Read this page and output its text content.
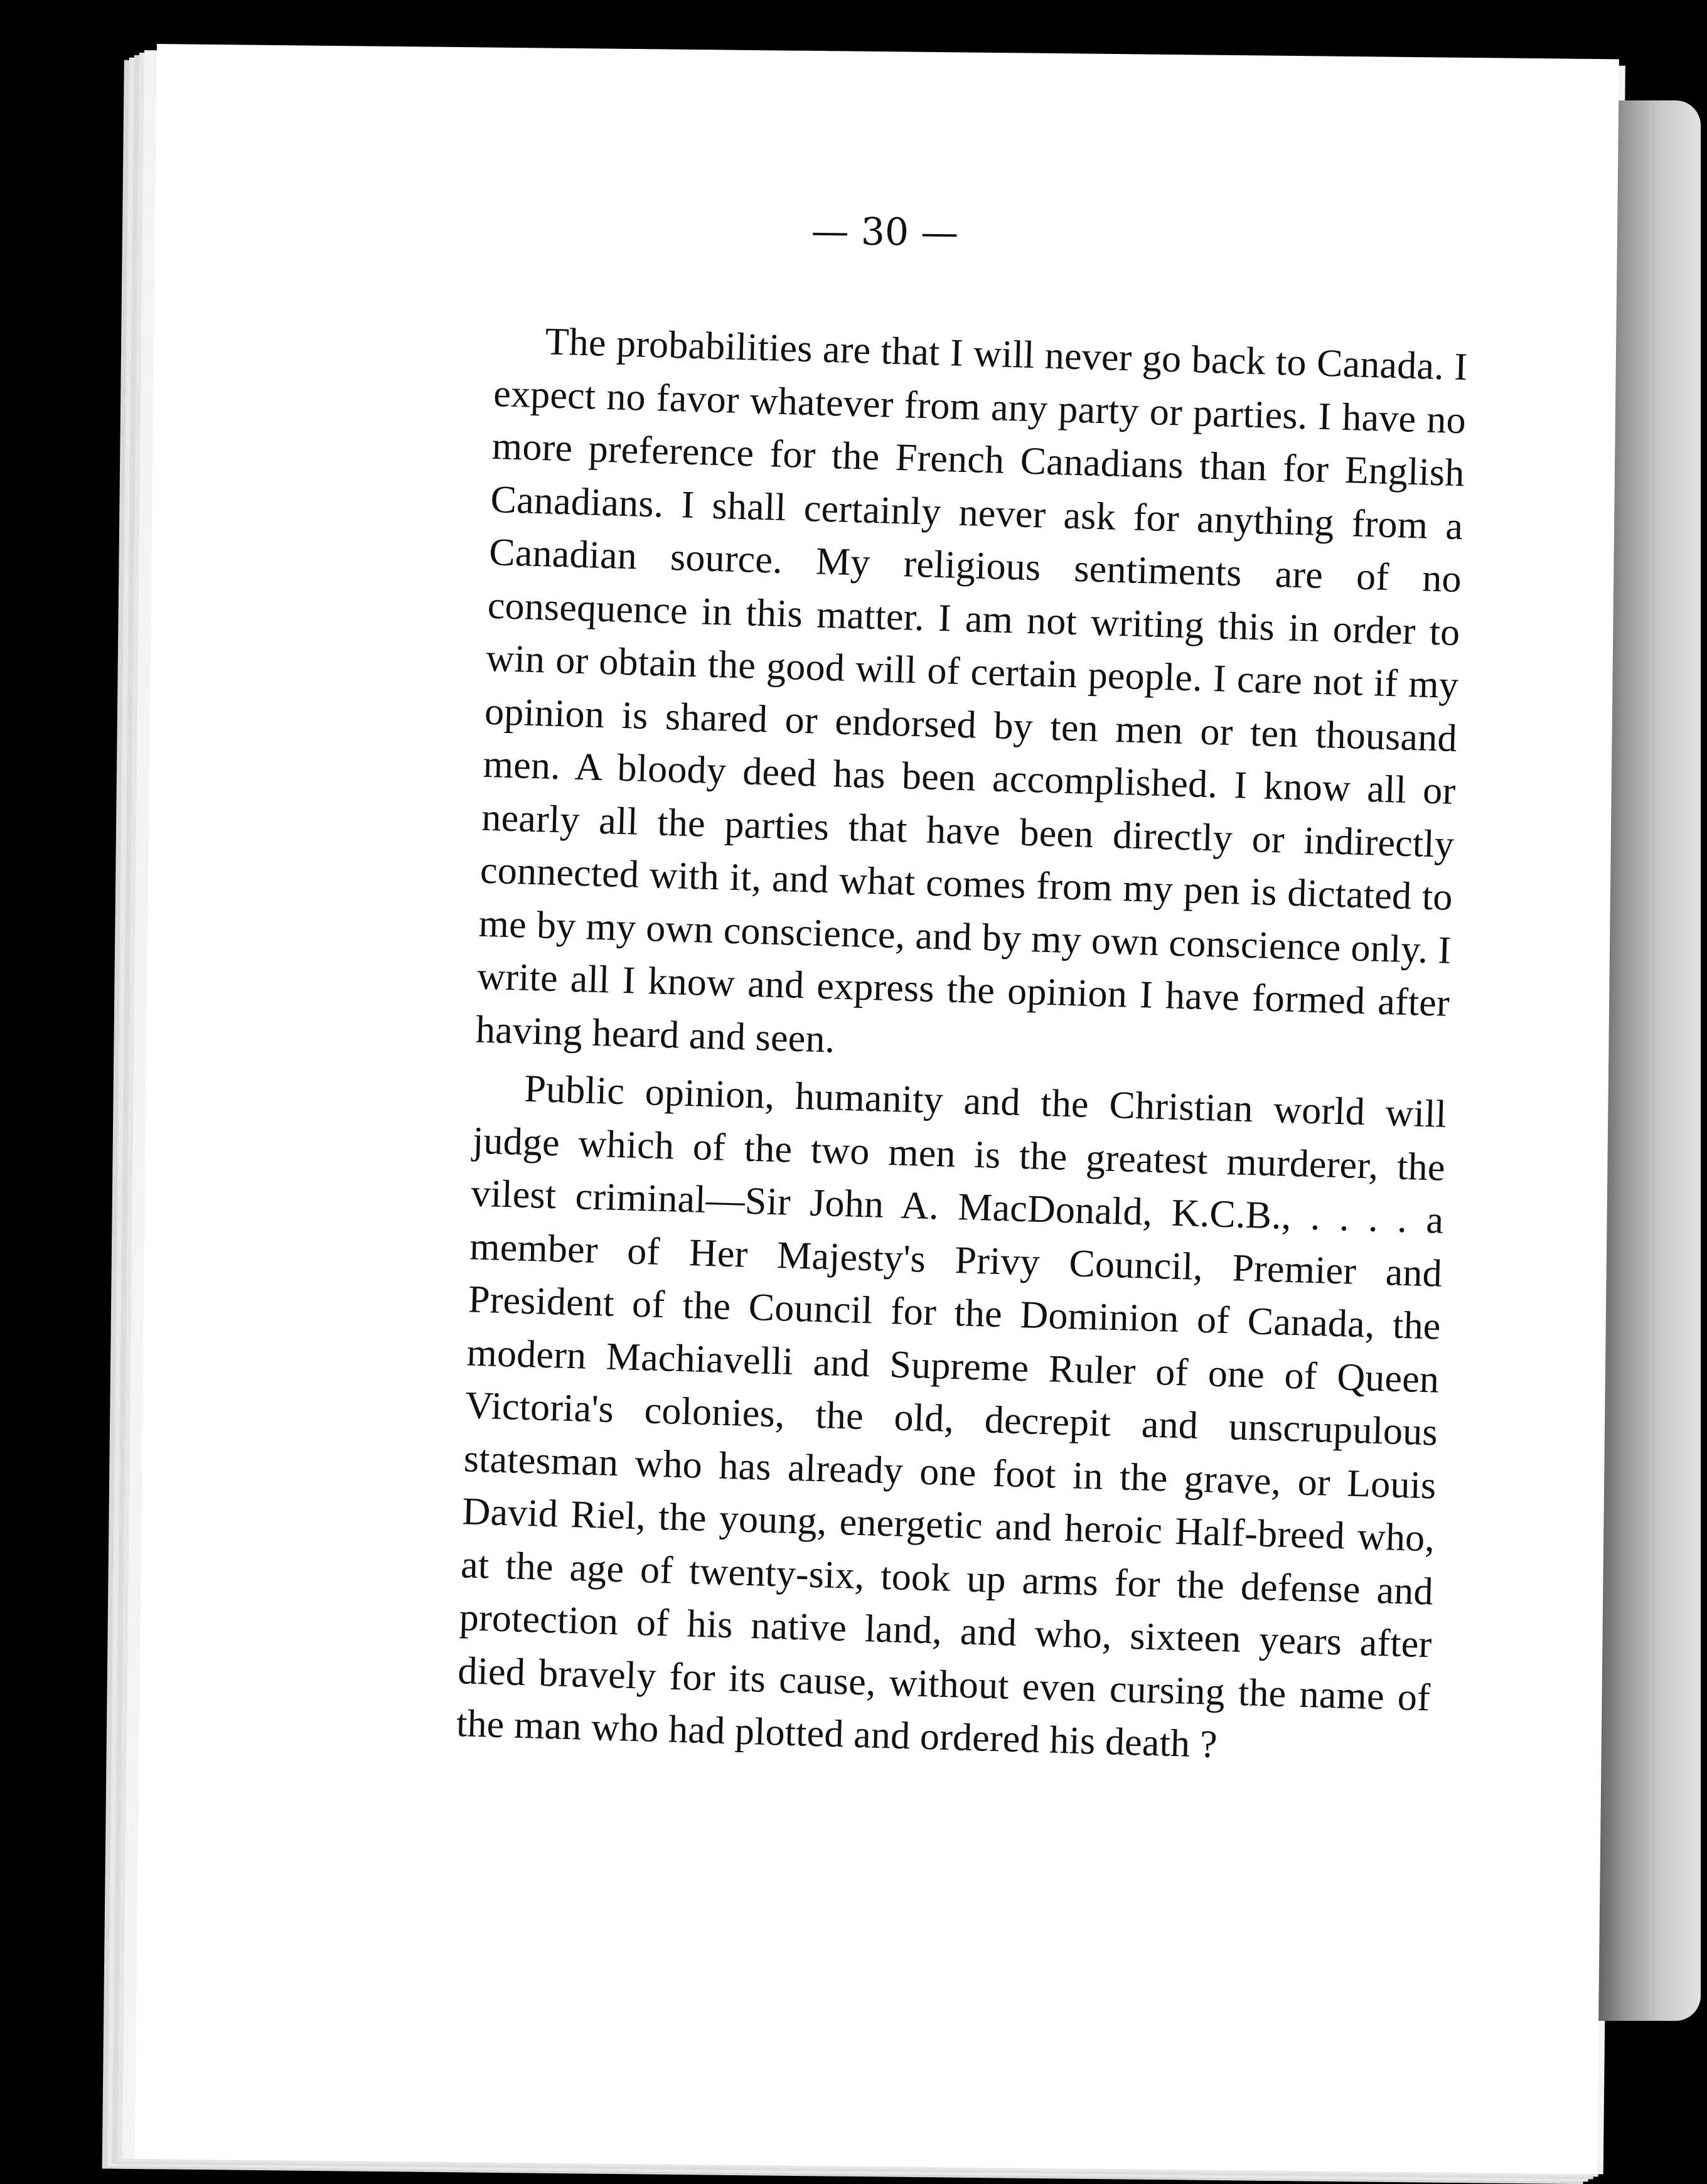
— 30 —

The probabilities are that I will never go back to Canada. I expect no favor whatever from any party or parties. I have no more preference for the French Canadians than for English Canadians. I shall certainly never ask for anything from a Canadian source. My religious sentiments are of no consequence in this matter. I am not writing this in order to win or obtain the good will of certain people. I care not if my opinion is shared or endorsed by ten men or ten thousand men. A bloody deed has been accomplished. I know all or nearly all the parties that have been directly or indirectly connected with it, and what comes from my pen is dictated to me by my own conscience, and by my own conscience only. I write all I know and express the opinion I have formed after having heard and seen.

Public opinion, humanity and the Christian world will judge which of the two men is the greatest murderer, the vilest criminal—Sir John A. MacDonald, K.C.B., . . . . a member of Her Majesty's Privy Council, Premier and President of the Council for the Dominion of Canada, the modern Machiavelli and Supreme Ruler of one of Queen Victoria's colonies, the old, decrepit and unscrupulous statesman who has already one foot in the grave, or Louis David Riel, the young, energetic and heroic Half-breed who, at the age of twenty-six, took up arms for the defense and protection of his native land, and who, sixteen years after died bravely for its cause, without even cursing the name of the man who had plotted and ordered his death ?
